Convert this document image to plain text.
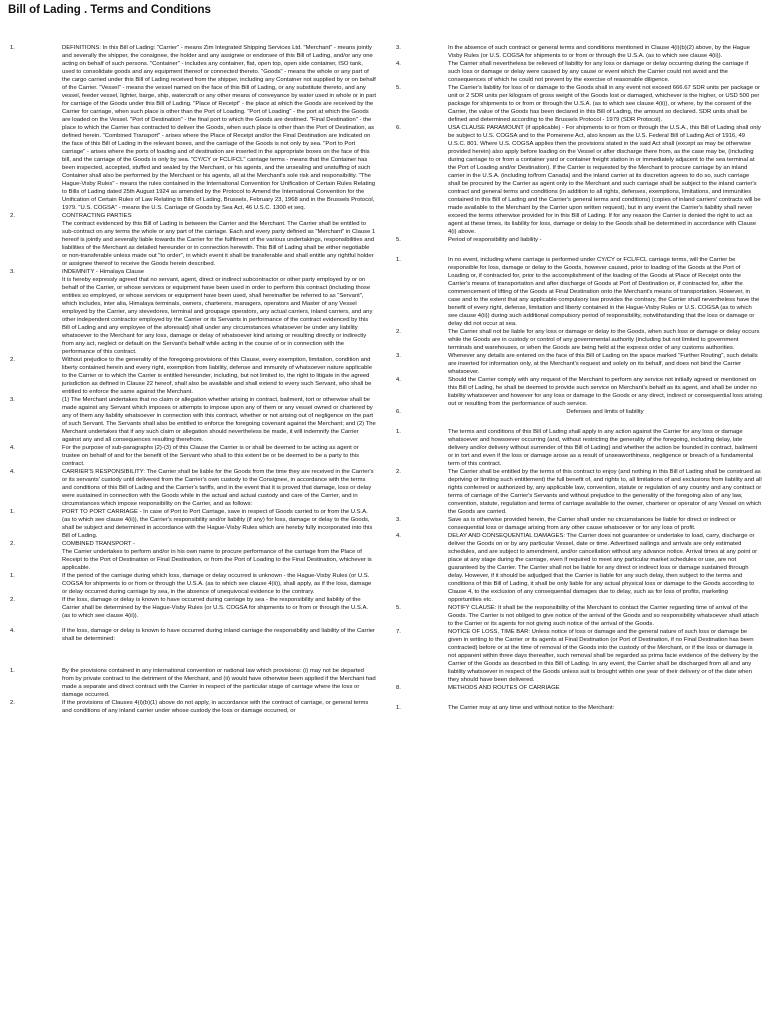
Bill of Lading . Terms and Conditions
1.	DEFINITIONS: In this Bill of Lading: "Carrier" - means Zim Integrated Shipping Services Ltd. "Merchant" - means jointly and severally the shipper, the consignee, the holder and any assignee or endorsee of this Bill of Lading, and/or any one acting on behalf of such persons. "Container" - includes any container, flat, open top, open side container, ISO tank, used to consolidate goods and any equipment thereof or connected thereto. "Goods" - means the whole or any part of the cargo carried under this Bill of Lading received from the shipper, including any Container not supplied by or on behalf of the Carrier. "Vessel" - means the vessel named on the face of this Bill of Lading, or any substitute thereto, and any vessel, feeder vessel, lighter, barge, ship, watercraft or any other means of conveyance by water used in whole or in part for carriage of the Goods under this Bill of Lading. "Place of Receipt" - the place at which the Goods are received by the Carrier for carriage, when such place is other than the Port of Loading. "Port of Loading" - the port at which the Goods are loaded on the Vessel. "Port of Destination" - the final port to which the Goods are destined. "Final Destination" - the place to which the Carrier has contracted to deliver the Goods, when such place is other than the Port of Destination, as defined herein. "Combined Transport" - arises where the Place of Receipt and/or the Final Destination are indicated on the face of this Bill of Lading in the relevant boxes, and the carriage of the Goods is not only by sea. "Port to Port carriage" - arises where the ports of loading and of destination are inserted in the appropriate boxes on the face of this bill, and the carriage of the Goods is only by sea. "CY/CY or FCL/FCL" carriage terms - means that the Container has been inspected, accepted, stuffed and sealed by the Merchant, or his agents, and the unsealing and unstuffing of such Container shall also be performed by the Merchant or his agents, all at the Merchant's sole risk and responsibility. "The Hague-Visby Rules" - means the rules contained in the International Convention for Unification of Certain Rules Relating to Bills of Lading dated 25th August 1924 as amended by the Protocol to Amend the International Convention for the Unification of Certain Rules of Law Relating to Bills of Lading, Brussels, February 23, 1968 and in the Brussels Protocol, 1979. "U.S. COGSA" - means the U.S. Carriage of Goods by Sea Act, 46 U.S.C. 1300 et seq.
2.	CONTRACTING PARTIES
The contract evidenced by this Bill of Lading is between the Carrier and the Merchant. The Carrier shall be entitled to sub-contract on any terms the whole or any part of the carriage. Each and every party defined as "Merchant" in Clause 1 hereof is jointly and severally liable towards the Carrier for the fulfilment of the various undertakings, responsibilities and liabilities of the Merchant as detailed hereunder or in connection herewith. This Bill of Lading shall be either negotiable or non-transferable unless made out "to order", in which event it shall be transferable and shall entitle any rightful holder or assignee thereof to receive the Goods herein described.
3.	INDEMNITY - Himalaya Clause
It is hereby expressly agreed that no servant, agent, direct or indirect subcontractor or other party employed by or on behalf of the Carrier, or whose services or equipment have been used in order to perform this contract (including those entities so employed, or whose services or equipment have been used, shall hereinafter be referred to as "Servant", which includes, inter alia, Himalaya terminals, owners, charterers, managers, operators and Master of any Vessel employed by the Carrier, any stevedores, terminal and groupage operators, any actual carriers, inland carriers, and any other independent contractor employed by the Carrier or its Servants in performance of the contract evidenced by this Bill of Lading and any employee of the aforesaid) shall under any circumstances whatsoever be under any liability whatsoever to the Merchant for any loss, damage or delay of whatsoever kind arising or resulting directly or indirectly from any act, neglect or default on the Servant's behalf while acting in the course of or in connection with the performance of this contract.
2.	Without prejudice to the generality of the foregoing provisions of this Clause, every exemption, limitation, condition and liberty contained herein and every right, exemption from liability, defense and immunity of whatsoever nature applicable to the Carrier or to which the Carrier is entitled hereunder, including, but not limited to, the right to litigate in the agreed jurisdiction as defined in Clause 22 hereof, shall also be available and shall extend to every such Servant, who shall be entitled to enforce the same against the Merchant.
3.	(1) The Merchant undertakes that no claim or allegation whether arising in contract, bailment, tort or otherwise shall be made against any Servant which imposes or attempts to impose upon any of them or any vessel owned or chartered by any of them any liability whatsoever in connection with this contract, whether or not arising out of negligence on the part of such Servant. The Servants shall also be entitled to enforce the foregoing covenant against the Merchant; and (2) The Merchant undertakes that if any such claim or allegation should nevertheless be made, it will indemnify the Carrier against any and all consequences resulting therefrom.
4.	For the purpose of sub-paragraphs (2)-(3) of this Clause the Carrier is or shall be deemed to be acting as agent or trustee on behalf of and for the benefit of the Servant who shall to this extent be or be deemed to be a party to this contract.
4.	CARRIER'S RESPONSIBILITY: The Carrier shall be liable for the Goods from the time they are received in the Carrier's or its servants' custody until delivered from the Carrier's own custody to the Consignee, in accordance with the terms and conditions of this Bill of Lading and the Carrier's tariffs, and in the event that it is proved that damage, loss or delay were sustained in connection with the Goods while in the actual and actual custody and care of the Carrier, and in circumstances which impose responsibility on the Carrier, and as follows:
1.	PORT TO PORT CARRIAGE - In case of Port to Port Carriage, save in respect of Goods carried to or from the U.S.A. (as to which see clause 4(ii)), the Carrier's responsibility and/or liability (if any) for loss, damage or delay to the Goods, shall be subject and determined in accordance with the Hague-Visby Rules which are hereby fully incorporated into this Bill of Lading.
2.	COMBINED TRANSPORT -
The Carrier undertakes to perform and/or in his own name to procure performance of the carriage from the Place of Receipt to the Port of Destination or Final Destination, or from the Port of Loading to the Final Destination, whichever is applicable.
1.	If the period of the carriage during which loss, damage or delay occurred is unknown - the Hague-Visby Rules (or U.S. COGSA for shipments to or from or through the U.S.A. (as to which see clause 4(ii)), shall apply, as if the loss, damage or delay occurred during carriage by sea, in the absence of unequivocal evidence to the contrary.
2.	If the loss, damage or delay is known to have occurred during carriage by sea - the responsibility and liability of the Carrier shall be determined by the Hague-Visby Rules (or U.S. COGSA for shipments to or from or through the U.S.A. (as to which see clause 4(ii)).
4.	If the loss, damage or delay is known to have occurred during inland carriage the responsibility and liability of the Carrier shall be determined:
1.	By the provisions contained in any international convention or national law which provisions: (i) may not be departed from by private contract to the detriment of the Merchant, and (ii) would have otherwise been applied if the Merchant had made a separate and direct contract with the Carrier in respect of the particular stage of carriage where the loss or damage occurred.
2.	If the provisions of Clauses 4(i)(b)(1) above do not apply, in accordance with the contract of carriage, or general terms and conditions of any inland carrier under whose custody the loss or damage occurred, or
3.	In the absence of such contract or general terms and conditions mentioned in Clause 4(i)(b)(2) above, by the Hague Visby Rules (or U.S. COGSA for shipments to or from or through the U.S.A. (as to which see clause 4(ii)).
4.	The Carrier shall nevertheless be relieved of liability for any loss or damage or delay occurring during the carriage if such loss or damage or delay were caused by any cause or event which the Carrier could not avoid and the consequences of which he could not prevent by the exercise of reasonable diligence.
5.	The Carrier's liability for loss of or damage to the Goods shall in any event not exceed 666.67 SDR units per package or unit or 2 SDR units per kilogram of gross weight of the Goods lost or damaged, whichever is the higher, or USD 500 per package for shipments to or from or through the U.S.A. (as to which see clause 4(ii)), or where, by the consent of the Carrier, the value of the Goods has been declared in this Bill of Lading, the amount so declared. SDR units shall be defined and determined according to the Brussels Protocol - 1979 (SDR Protocol).
6.	USA CLAUSE PARAMOUNT (if applicable) - For shipments to or from or through the U.S.A., this Bill of Lading shall only be subject to U.S. COGSA and to the Pomerene Act, also known as the U.S. Federal Bill of Lading Act of 1916, 49 U.S.C. 801. Where U.S. COGSA applies then the provisions stated in the said Act shall (except as may be otherwise provided herein) also apply before loading on the Vessel or after discharge there from, as the case may be, (including during carriage to or from a container yard or container freight station in or immediately adjacent to the sea terminal at the Port of Loading and/or Destination). If the Carrier is requested by the Merchant to procure carriage by an inland carrier in the U.S.A. (including to/from Canada) and the inland carrier at its discretion agrees to do so, such carriage shall be procured by the Carrier as agent only to the Merchant and such carriage shall be subject to the inland carrier's contract and general terms and conditions (in addition to all rights, defenses, exemptions, limitations, and immunities contained in this Bill of Lading and the Carrier's general terms and conditions) (copies of inland carriers' contracts will be made available to the Merchant by the Carrier upon written request), but in any event the Carrier's liability shall never exceed the terms otherwise provided for in this Bill of Lading. If for any reason the Carrier is denied the right to act as agent at these times, its liability for loss, damage or delay to the Goods shall be determined in accordance with Clause 4(i) above.
5.	Period of responsibility and liability -
1.	In no event, including where carriage is performed under CY/CY or FCL/FCL carriage terms, will the Carrier be responsible for loss, damage or delay to the Goods, however caused, prior to loading of the Goods at the Port of Loading or, if contracted for, prior to the accomplishment of the loading of the Goods at Place of Receipt onto the Carrier's means of transportation and after discharge of Goods at Port of Destination or, if contracted for, after the commencement of lifting of the Goods at Final Destination onto the Merchant's means of transportation. However, in case and to the extent that any applicable compulsory law provides the contrary, the Carrier shall nevertheless have the benefit of every right, defense, limitation and liberty contained in the Hague-Visby Rules or U.S. COGSA (as to which see clause 4(ii)) during such additional compulsory period of responsibility, notwithstanding that the loss or damage or delay did not occur at sea.
2.	The Carrier shall not be liable for any loss or damage or delay to the Goods, when such loss or damage or delay occurs while the Goods are in custody or control of any governmental authority (including but not limited to government terminals and warehouses, or when the Goods are being held at the express order of any customs authorities.
3.	Whenever any details are entered on the face of this Bill of Lading on the space marked "Further Routing", such details are inserted for information only, at the Merchant's request and solely on its behalf, and does not bind the Carrier whatsoever.
4.	Should the Carrier comply with any request of the Merchant to perform any service not initially agreed or mentioned on this Bill of Lading, he shall be deemed to provide such service on Merchant's behalf as its agent, and shall be under no liability whatsoever and however for any loss or damage to the Goods or any direct, indirect or consequential loss arising out or resulting from the performance of such service.
6.	Defenses and limits of liability
1.	The terms and conditions of this Bill of Lading shall apply in any action against the Carrier for any loss or damage whatsoever and howsoever occurring (and, without restricting the generality of the foregoing, including delay, late delivery and/or delivery without surrender of this Bill of Lading) and whether the action be founded in contract, bailment or in tort and even if the loss or damage arose as a result of unseaworthiness, negligence or breach of a fundamental term of this contract.
2.	The Carrier shall be entitled by the terms of this contract to enjoy (and nothing in this Bill of Lading shall be construed as depriving or limiting such entitlement) the full benefit of, and rights to, all limitations of and exclusions from liability and all rights conferred or authorized by, any applicable law, convention, statute or regulation of any country and any contract or terms of carriage of the Carrier's Servants and without prejudice to the generality of the foregoing also of any law, convention, statute, regulation and terms of carriage available to the owner, charterer or operator of any Vessel on which the Goods are carried.
3.	Save as is otherwise provided herein, the Carrier shall under no circumstances be liable for direct or indirect or consequential loss or damage arising from any other cause whatsoever or for any loss of profit.
4.	DELAY AND CONSEQUENTIAL DAMAGES: The Carrier does not guarantee or undertake to load, carry, discharge or deliver the Goods on or by any particular Vessel, date or time. Advertised sailings and arrivals are only estimated schedules, and are subject to amendment, and/or cancellation without any advance notice. Arrival times at any point or place at any stage during the carriage, even if required to meet any particular market schedules or use, are not guaranteed by the Carrier. The Carrier shall not be liable for any direct or indirect loss or damage sustained through delay. However, if it should be adjudged that the Carrier is liable for any such delay, then subject to the terms and conditions of this Bill of Lading, it shall be only liable for any actual physical loss or damage to the Goods according to Clause 4, to the exclusion of any consequential damages due to delay, such as for loss of profits, marketing opportunities etc.
5.	NOTIFY CLAUSE: It shall be the responsibility of the Merchant to contact the Carrier regarding time of arrival of the Goods. The Carrier is not obliged to give notice of the arrival of the Goods and so responsibility whatsoever shall attach to the Carrier or its agents for not giving such notice of the arrival of the Goods.
7.	NOTICE OF LOSS, TIME BAR: Unless notice of loss or damage and the general nature of such loss or damage be given in writing to the Carrier or its agents at Final Destination (or Port of Destination, if no Final Destination has been contracted) before or at the time of removal of the Goods into the custody of the Merchant, or if the loss or damage is not apparent within three days thereafter, such removal shall be regarded as prima facie evidence of the delivery by the Carrier of the Goods as described in this Bill of Lading. In any event, the Carrier shall be discharged from all and any liability whatsoever in respect of the Goods unless suit is brought within one year of their delivery or of the date when they should have been delivered.
8.	METHODS AND ROUTES OF CARRIAGE
1.	The Carrier may at any time and without notice to the Merchant:
